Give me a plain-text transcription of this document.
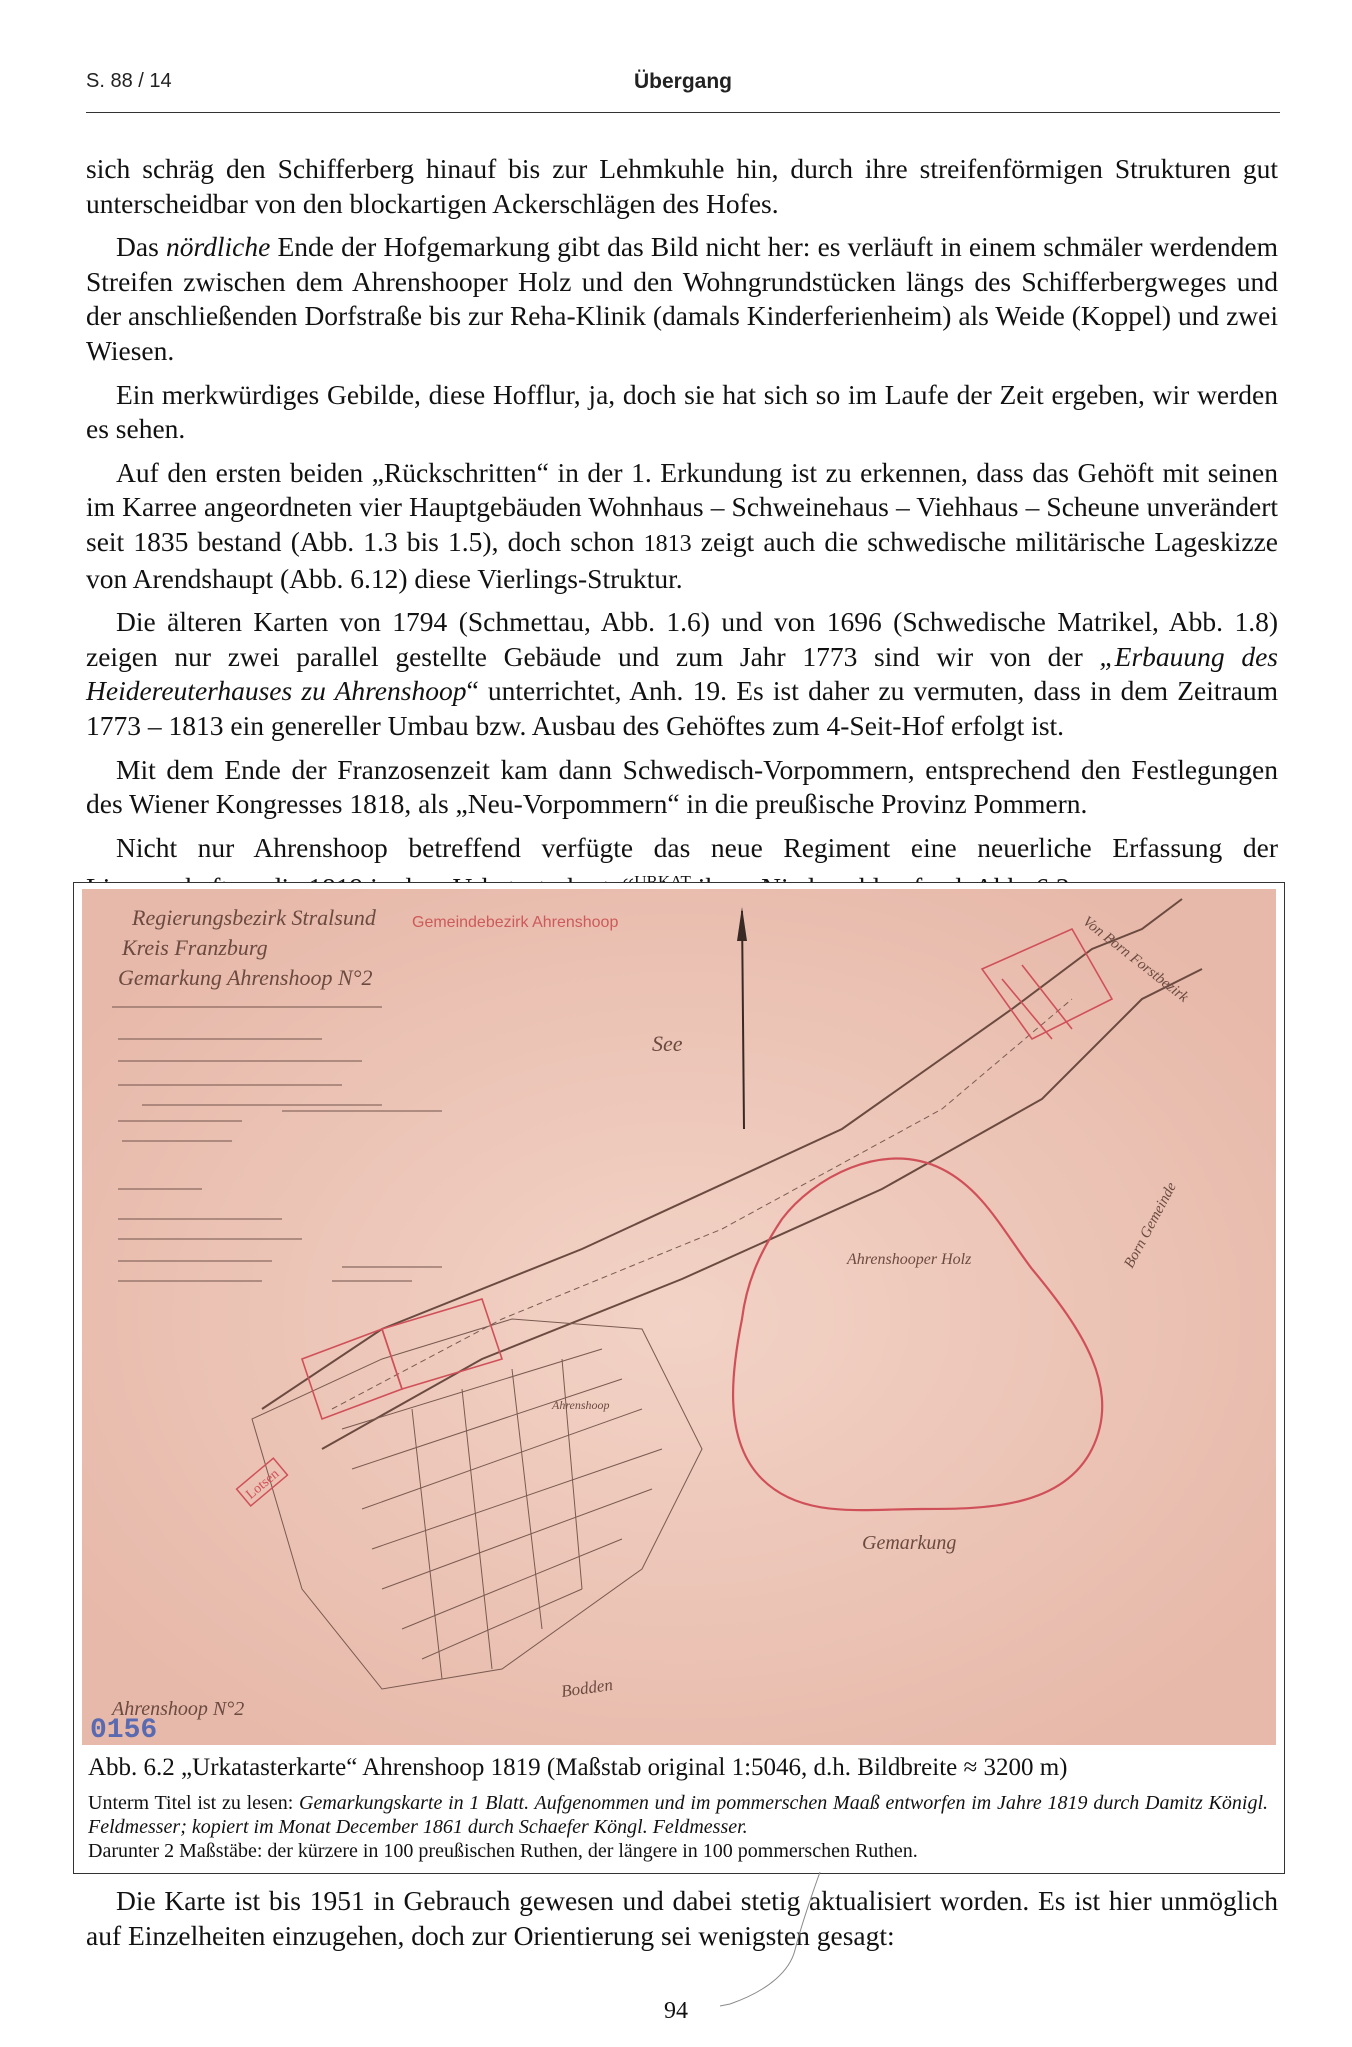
S. 88 / 14	Übergang

sich schräg den Schifferberg hinauf bis zur Lehmkuhle hin, durch ihre streifenförmigen Strukturen gut unterscheidbar von den blockartigen Ackerschlägen des Hofes.

Das nördliche Ende der Hofgemarkung gibt das Bild nicht her: es verläuft in einem schmäler werdendem Streifen zwischen dem Ahrenshooper Holz und den Wohngrundstücken längs des Schifferbergweges und der anschließenden Dorfstraße bis zur Reha-Klinik (damals Kinderferienheim) als Weide (Koppel) und zwei Wiesen.

Ein merkwürdiges Gebilde, diese Hofflur, ja, doch sie hat sich so im Laufe der Zeit ergeben, wir werden es sehen.

Auf den ersten beiden „Rückschritten“ in der 1. Erkundung ist zu erkennen, dass das Gehöft mit seinen im Karree angeordneten vier Hauptgebäuden Wohnhaus – Schweinehaus – Viehhaus – Scheune unverändert seit 1835 bestand (Abb. 1.3 bis 1.5), doch schon 1813 zeigt auch die schwedische militärische Lageskizze von Arendshaupt (Abb. 6.12) diese Vierlings-Struktur.

Die älteren Karten von 1794 (Schmettau, Abb. 1.6) und von 1696 (Schwedische Matrikel, Abb. 1.8) zeigen nur zwei parallel gestellte Gebäude und zum Jahr 1773 sind wir von der „Erbauung des Heidereuterhauses zu Ahrenshoop“ unterrichtet, Anh. 19. Es ist daher zu vermuten, dass in dem Zeitraum 1773 – 1813 ein genereller Umbau bzw. Ausbau des Gehöftes zum 4-Seit-Hof erfolgt ist.

Mit dem Ende der Franzosenzeit kam dann Schwedisch-Vorpommern, entsprechend den Festlegungen des Wiener Kongresses 1818, als „Neu-Vorpommern“ in die preußische Provinz Pommern.

Nicht nur Ahrenshoop betreffend verfügte das neue Regiment eine neuerliche Erfassung der

Regierungsbezirk Stralsund
Kreis Franzburg
Gemarkung Ahrenshoop N°2
Gemeindebezirk Ahrenshoop
Lotsen
Ahrenshooper Holz
Gemarkung
Bodden
Ahrenshoop N°2
See
Von Born Forstbezirk
Born Gemeinde
Ahrenshoop
0156
Abb. 6.2 „Urkatasterkarte“ Ahrenshoop 1819 (Maßstab original 1:5046, d.h. Bildbreite ≈ 3200 m)

Unterm Titel ist zu lesen: Gemarkungskarte in 1 Blatt. Aufgenommen und im pommerschen Maaß entworfen im Jahre 1819 durch Damitz Königl. Feldmesser; kopiert im Monat December 1861 durch Schaefer Köngl. Feldmesser.

Darunter 2 Maßstäbe: der kürzere in 100 preußischen Ruthen, der längere in 100 pommerschen Ruthen.

Die Karte ist bis 1951 in Gebrauch gewesen und dabei stetig aktualisiert worden. Es ist hier unmöglich auf Einzelheiten einzugehen, doch zur Orientierung sei wenigsten gesagt:

94
